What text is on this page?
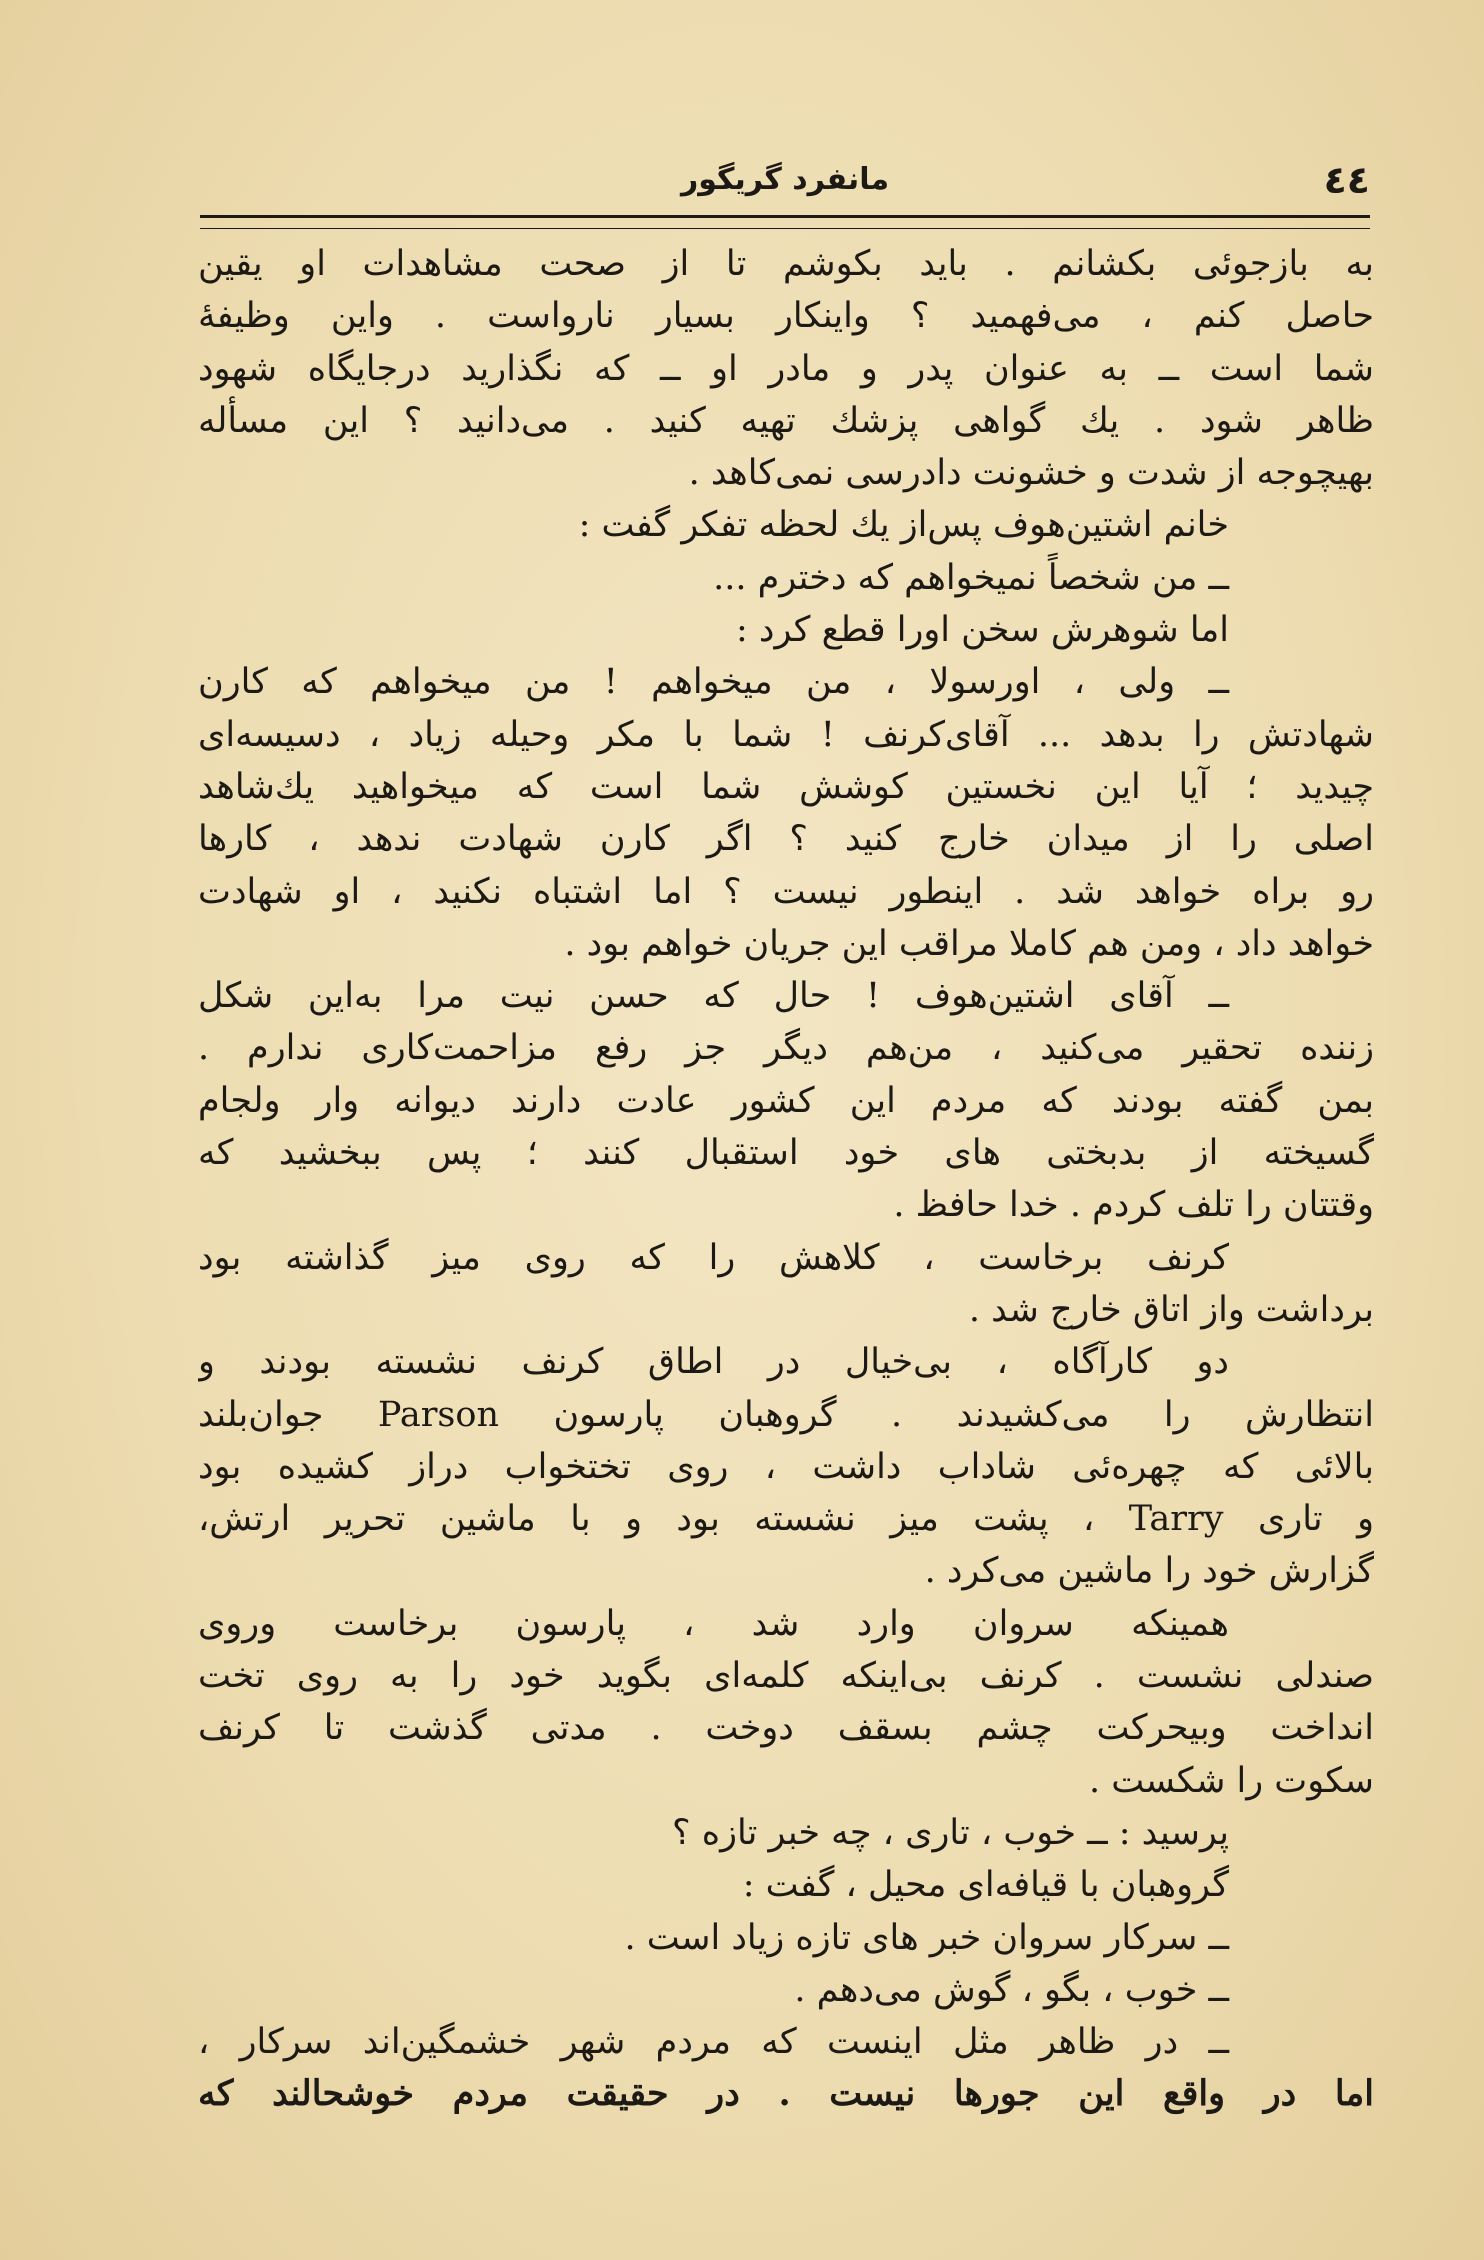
٤٤
مانفرد گریگور
به بازجوئی بکشانم . باید بکوشم تا از صحت مشاهدات او یقین
حاصل کنم ، می‌فهمید ؟ واینکار بسیار نارواست . واین وظیفهٔ
شما است ــ به عنوان پدر و مادر او ــ که نگذارید درجایگاه شهود
ظاهر شود . یك گواهی پزشك تهیه کنید . می‌دانید ؟ این مسأله
بهیچوجه از شدت و خشونت دادرسی نمی‌کاهد .
خانم اشتین‌هوف پس‌از یك لحظه تفکر گفت :
ــ من شخصاً نمیخواهم که دخترم ...
اما شوهرش سخن اورا قطع کرد :
ــ ولی ، اورسولا ، من میخواهم ! من میخواهم که کارن
شهادتش را بدهد ... آقای‌کرنف ! شما با مکر وحیله زیاد ، دسیسه‌ای
چیدید ؛ آیا این نخستین کوشش شما است که میخواهید یك‌شاهد
اصلی را از میدان خارج کنید ؟ اگر کارن شهادت ندهد ، کارها
رو براه خواهد شد . اینطور نیست ؟ اما اشتباه نکنید ، او شهادت
خواهد داد ، ومن هم کاملا مراقب این جریان خواهم بود .
ــ آقای اشتین‌هوف ! حال که حسن نیت مرا به‌این شکل
زننده تحقیر می‌کنید ، من‌هم دیگر جز رفع مزاحمت‌کاری ندارم .
بمن گفته بودند که مردم این کشور عادت دارند دیوانه وار ولجام
گسیخته از بدبختی های خود استقبال کنند ؛ پس ببخشید که
وقتتان را تلف کردم . خدا حافظ .
کرنف برخاست ، کلاهش را که روی میز گذاشته بود
برداشت واز اتاق خارج شد .
دو کارآگاه ، بی‌خیال در اطاق کرنف نشسته بودند و
انتظارش را می‌کشیدند . گروهبان پارسون Parson جوان‌بلند
بالائی که چهره‌ئی شاداب داشت ، روی تختخواب دراز کشیده بود
و تاری Tarry ، پشت میز نشسته بود و با ماشین تحریر ارتش،
گزارش خود را ماشین می‌کرد .
همینکه سروان وارد شد ، پارسون برخاست وروی
صندلی نشست . کرنف بی‌اینکه کلمه‌ای بگوید خود را به روی تخت
انداخت وبیحرکت چشم بسقف دوخت . مدتی گذشت تا کرنف
سکوت را شکست .
پرسید : ــ خوب ، تاری ، چه خبر تازه ؟
گروهبان با قیافه‌ای محیل ، گفت :
ــ سرکار سروان خبر های تازه زیاد است .
ــ خوب ، بگو ، گوش می‌دهم .
ــ در ظاهر مثل اینست که مردم شهر خشمگین‌اند سرکار ،
اما در واقع این جورها نیست . در حقیقت مردم خوشحالند که
